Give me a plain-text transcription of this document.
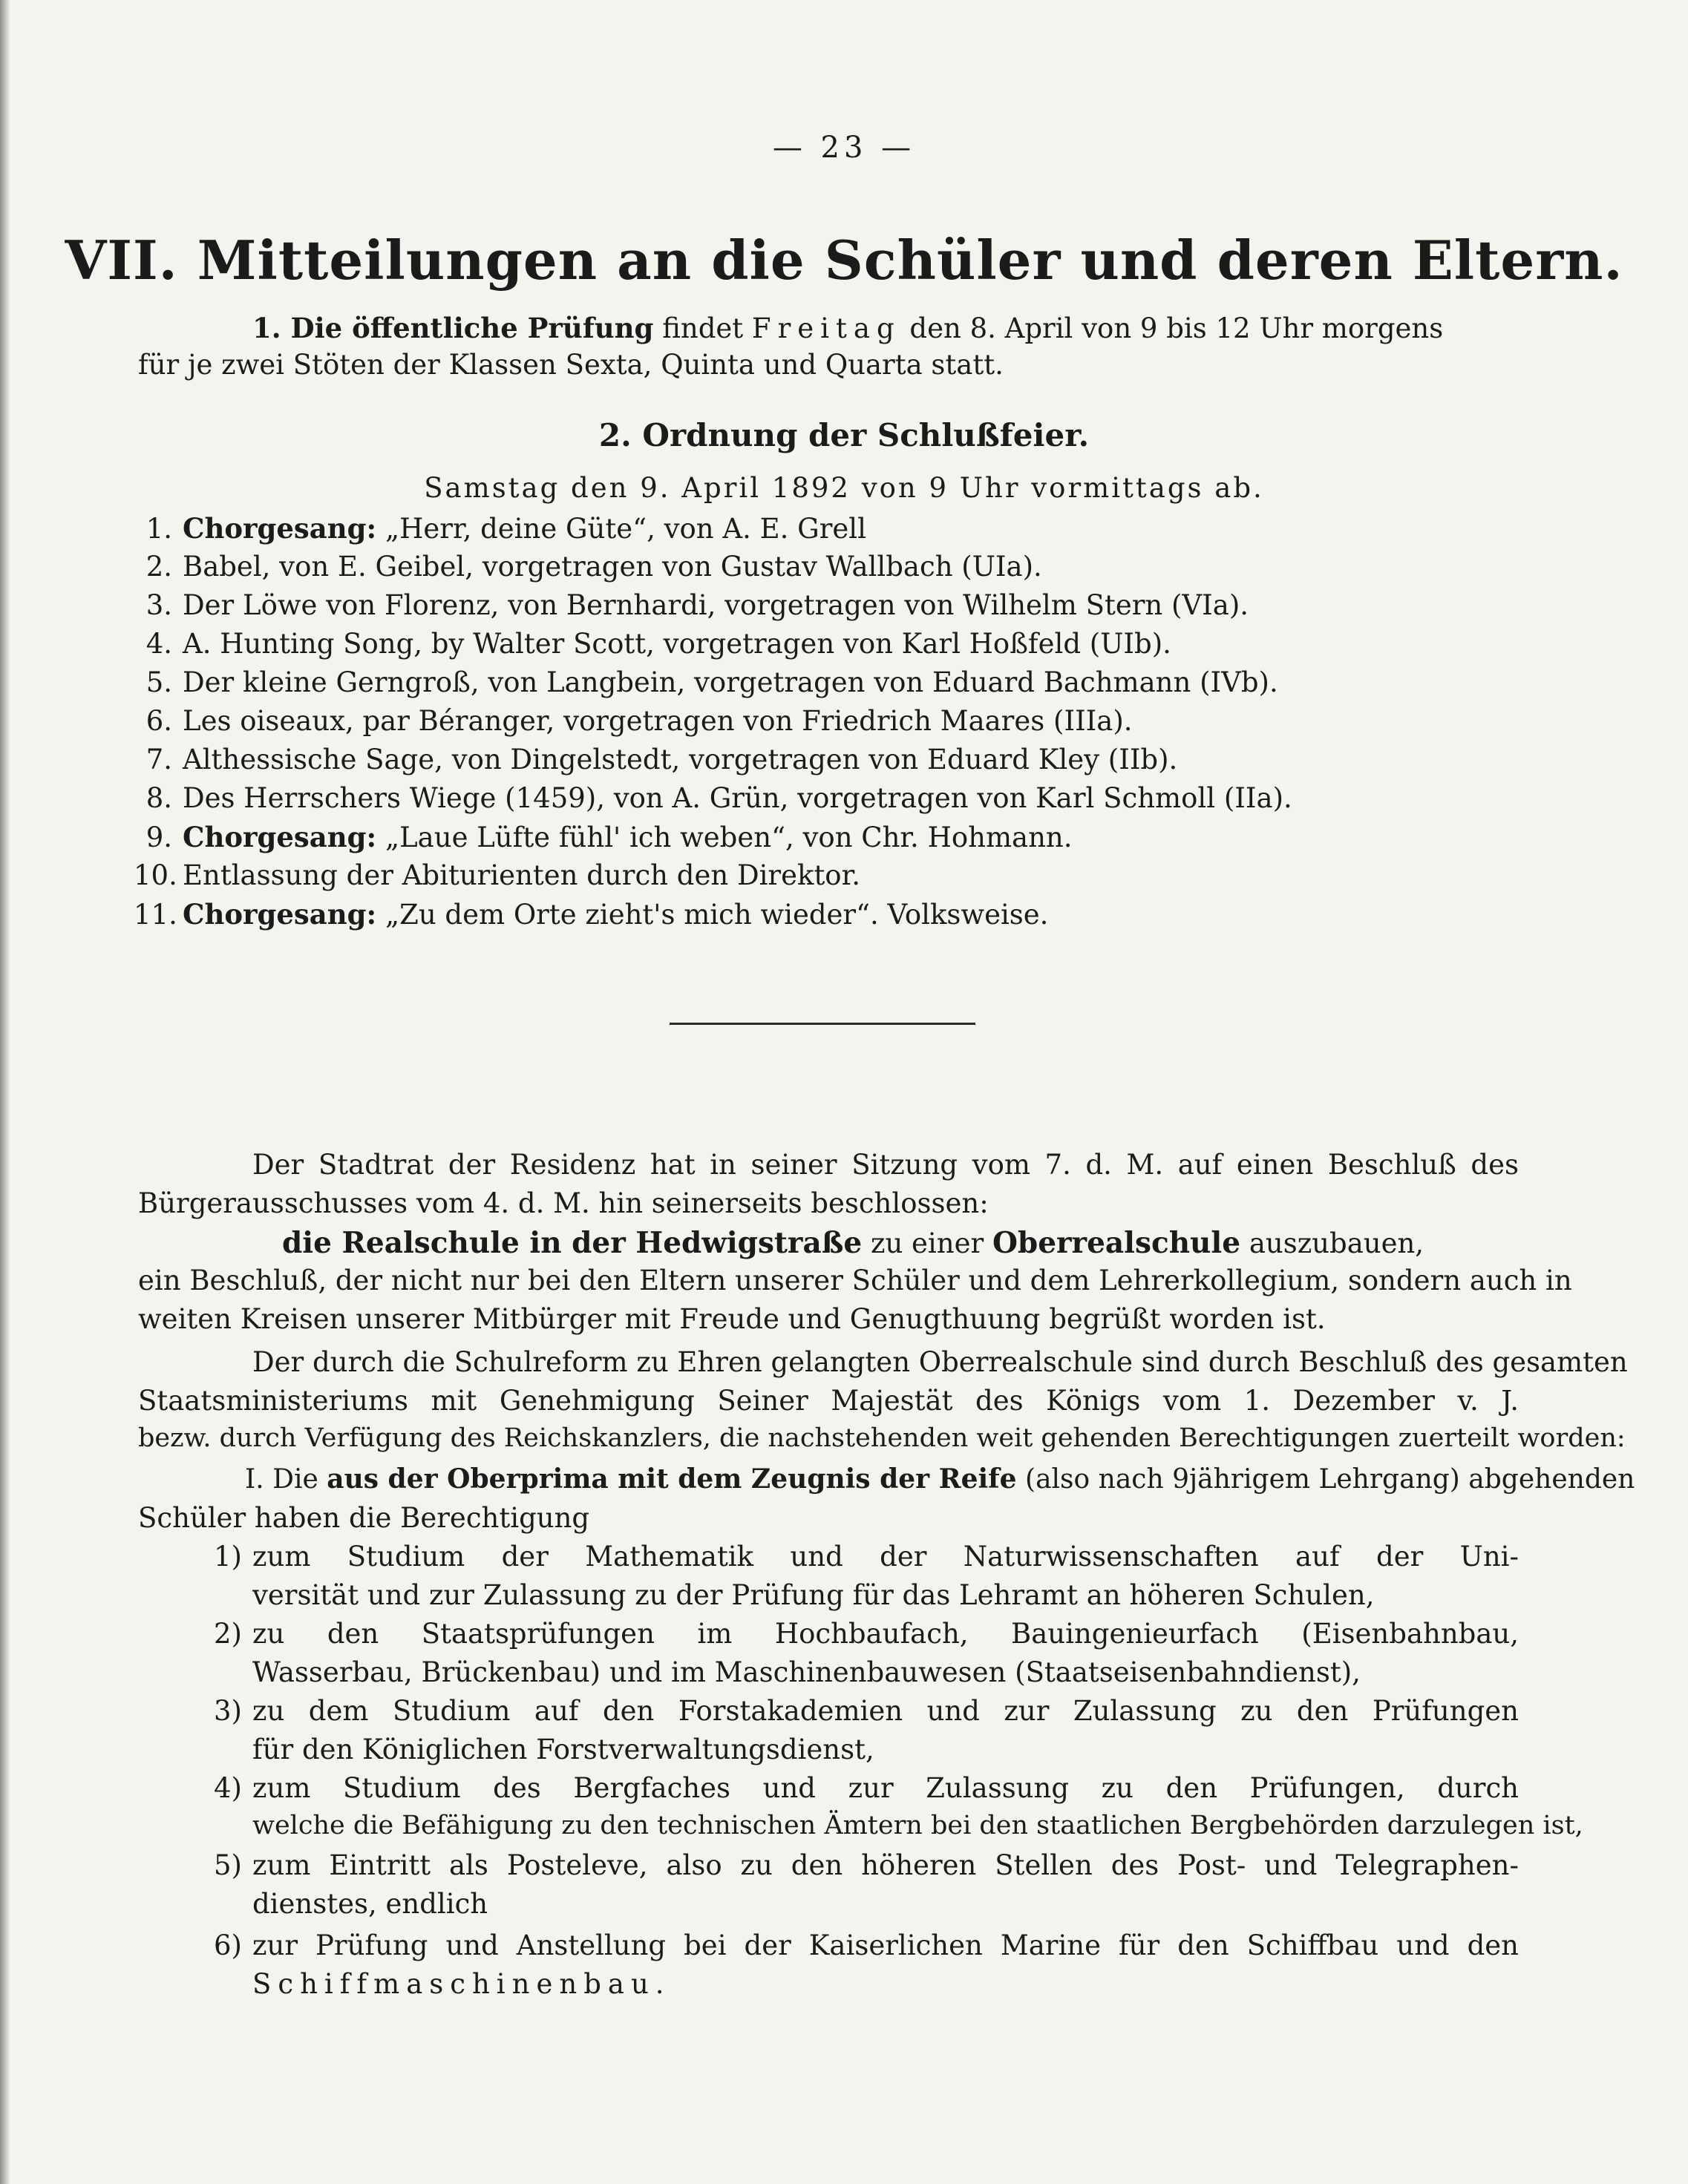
— 23 —
VII. Mitteilungen an die Schüler und deren Eltern.
1. Die öffentliche Prüfung findet Freitag den 8. April von 9 bis 12 Uhr morgens
für je zwei Stöten der Klassen Sexta, Quinta und Quarta statt.
2. Ordnung der Schlußfeier.
Samstag den 9. April 1892 von 9 Uhr vormittags ab.
1. Chorgesang: „Herr, deine Güte“, von A. E. Grell
2. Babel, von E. Geibel, vorgetragen von Gustav Wallbach (UIa).
3. Der Löwe von Florenz, von Bernhardi, vorgetragen von Wilhelm Stern (VIa).
4. A. Hunting Song, by Walter Scott, vorgetragen von Karl Hoßfeld (UIb).
5. Der kleine Gerngroß, von Langbein, vorgetragen von Eduard Bachmann (IVb).
6. Les oiseaux, par Béranger, vorgetragen von Friedrich Maares (IIIa).
7. Althessische Sage, von Dingelstedt, vorgetragen von Eduard Kley (IIb).
8. Des Herrschers Wiege (1459), von A. Grün, vorgetragen von Karl Schmoll (IIa).
9. Chorgesang: „Laue Lüfte fühl' ich weben“, von Chr. Hohmann.
10. Entlassung der Abiturienten durch den Direktor.
11. Chorgesang: „Zu dem Orte zieht's mich wieder“. Volksweise.
Der Stadtrat der Residenz hat in seiner Sitzung vom 7. d. M. auf einen Beschluß des
Bürgerausschusses vom 4. d. M. hin seinerseits beschlossen:
die Realschule in der Hedwigstraße zu einer Oberrealschule auszubauen,
ein Beschluß, der nicht nur bei den Eltern unserer Schüler und dem Lehrerkollegium, sondern auch in
weiten Kreisen unserer Mitbürger mit Freude und Genugthuung begrüßt worden ist.
Der durch die Schulreform zu Ehren gelangten Oberrealschule sind durch Beschluß des gesamten
Staatsministeriums mit Genehmigung Seiner Majestät des Königs vom 1. Dezember v. J.
bezw. durch Verfügung des Reichskanzlers, die nachstehenden weit gehenden Berechtigungen zuerteilt worden:
I. Die aus der Oberprima mit dem Zeugnis der Reife (also nach 9jährigem Lehrgang) abgehenden
Schüler haben die Berechtigung
1) zum Studium der Mathematik und der Naturwissenschaften auf der Uni-
versität und zur Zulassung zu der Prüfung für das Lehramt an höheren Schulen,
2) zu den Staatsprüfungen im Hochbaufach, Bauingenieurfach (Eisenbahnbau,
Wasserbau, Brückenbau) und im Maschinenbauwesen (Staatseisenbahndienst),
3) zu dem Studium auf den Forstakademien und zur Zulassung zu den Prüfungen
für den Königlichen Forstverwaltungsdienst,
4) zum Studium des Bergfaches und zur Zulassung zu den Prüfungen, durch
welche die Befähigung zu den technischen Ämtern bei den staatlichen Bergbehörden darzulegen ist,
5) zum Eintritt als Posteleve, also zu den höheren Stellen des Post- und Telegraphen-
dienstes, endlich
6) zur Prüfung und Anstellung bei der Kaiserlichen Marine für den Schiffbau und den
Schiffmaschinenbau.
